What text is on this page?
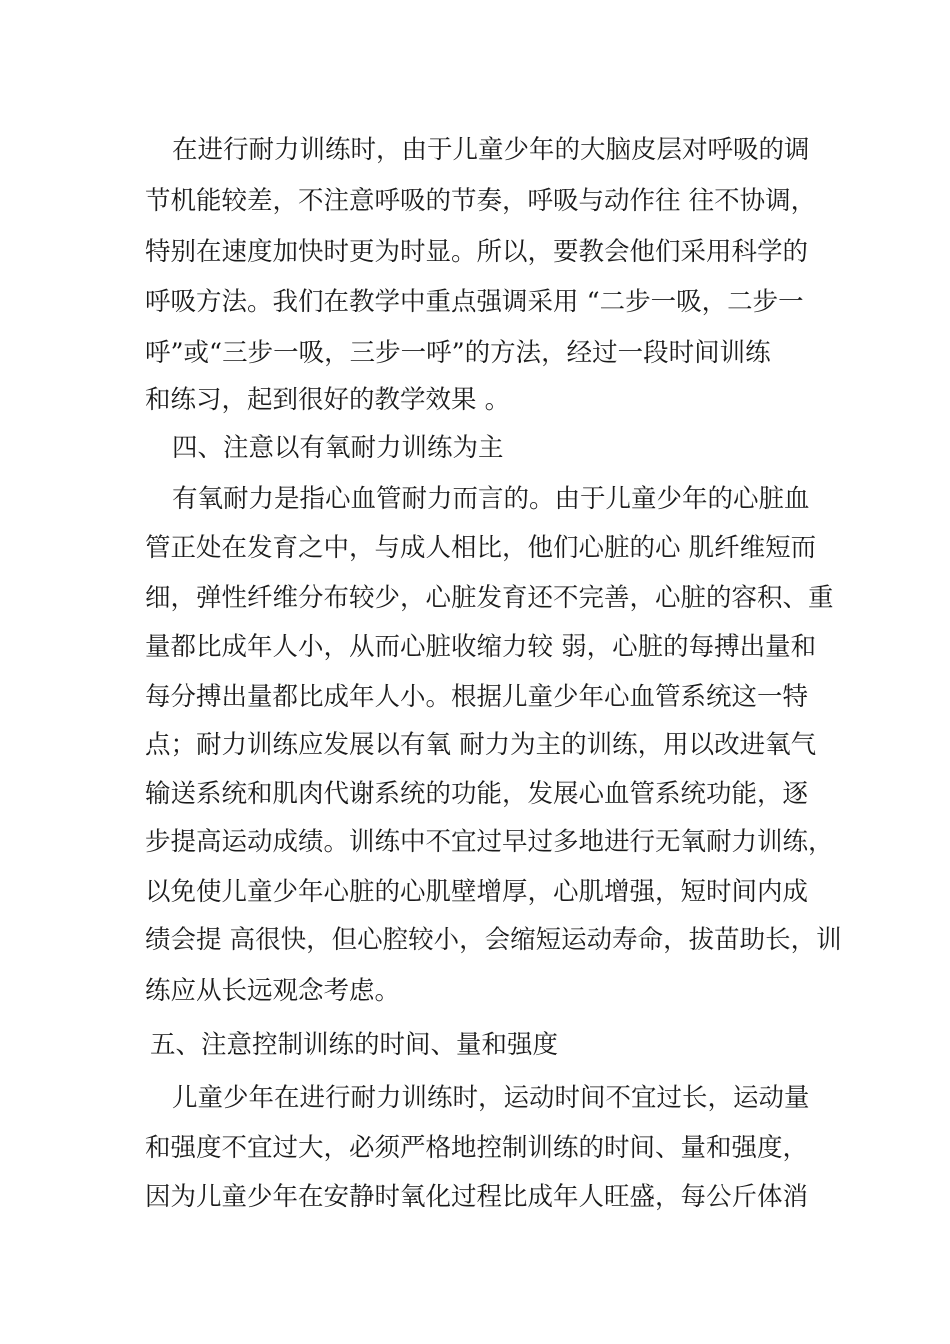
在进行耐力训练时，由于儿童少年的大脑皮层对呼吸的调
节机能较差，不注意呼吸的节奏，呼吸与动作往 往不协调，
特别在速度加快时更为时显。所以，要教会他们采用科学的
呼吸方法。我们在教学中重点强调采用 “二步一吸，二步一
呼”或“三步一吸，三步一呼”的方法，经过一段时间训练
和练习，起到很好的教学效果 。
四、注意以有氧耐力训练为主
有氧耐力是指心血管耐力而言的。由于儿童少年的心脏血
管正处在发育之中，与成人相比，他们心脏的心 肌纤维短而
细，弹性纤维分布较少，心脏发育还不完善，心脏的容积、重
量都比成年人小，从而心脏收缩力较 弱，心脏的每搏出量和
每分搏出量都比成年人小。根据儿童少年心血管系统这一特
点；耐力训练应发展以有氧 耐力为主的训练，用以改进氧气
输送系统和肌肉代谢系统的功能，发展心血管系统功能，逐
步提高运动成绩。训练中不宜过早过多地进行无氧耐力训练，
以免使儿童少年心脏的心肌壁增厚，心肌增强，短时间内成
绩会提 高很快，但心腔较小，会缩短运动寿命，拔苗助长，训
练应从长远观念考虑。
五、注意控制训练的时间、量和强度
儿童少年在进行耐力训练时，运动时间不宜过长，运动量
和强度不宜过大，必须严格地控制训练的时间、量和强度，
因为儿童少年在安静时氧化过程比成年人旺盛，每公斤体消
